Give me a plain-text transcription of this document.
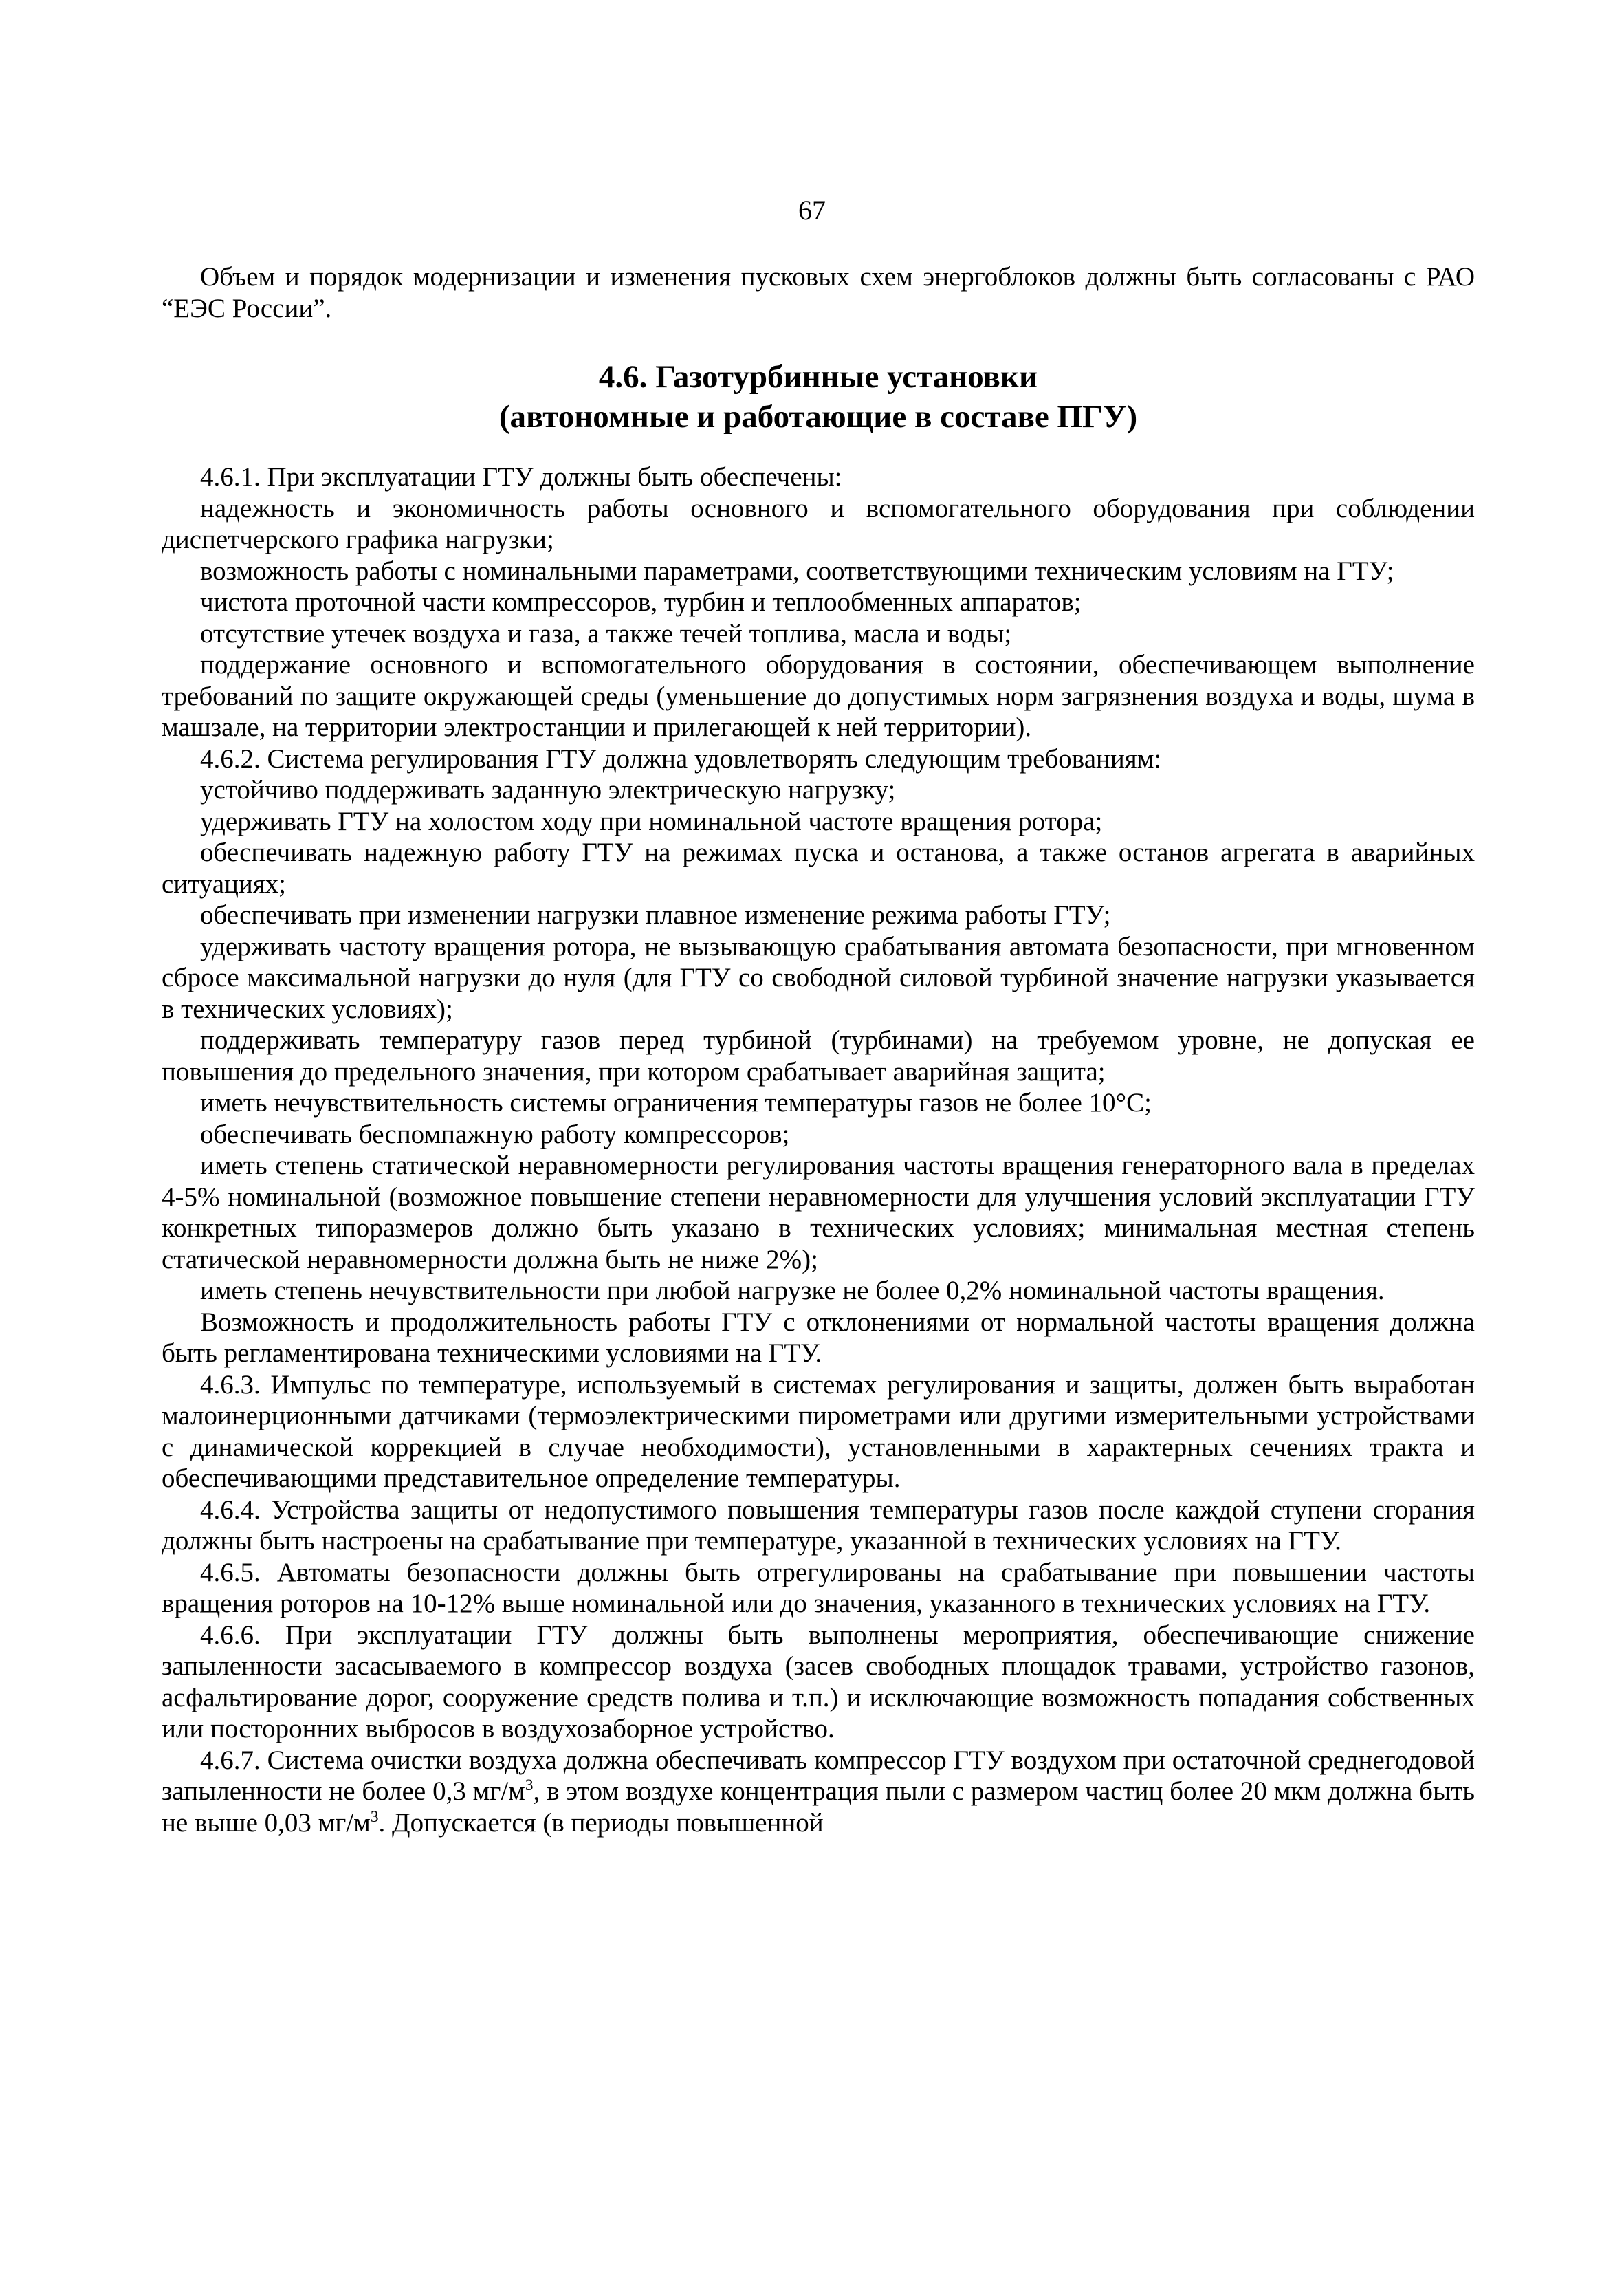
67

Объем и порядок модернизации и изменения пусковых схем энергоблоков должны быть согласованы с РАО “ЕЭС России”.

4.6. Газотурбинные установки
(автономные и работающие в составе ПГУ)

4.6.1. При эксплуатации ГТУ должны быть обеспечены:

надежность и экономичность работы основного и вспомогательного оборудования при соблюдении диспетчерского графика нагрузки;

возможность работы с номинальными параметрами, соответствующими техническим условиям на ГТУ;

чистота проточной части компрессоров, турбин и теплообменных аппаратов;

отсутствие утечек воздуха и газа, а также течей топлива, масла и воды;

поддержание основного и вспомогательного оборудования в состоянии, обеспечивающем выполнение требований по защите окружающей среды (уменьшение до допустимых норм загрязнения воздуха и воды, шума в машзале, на территории электростанции и прилегающей к ней территории).

4.6.2. Система регулирования ГТУ должна удовлетворять следующим требованиям:

устойчиво поддерживать заданную электрическую нагрузку;

удерживать ГТУ на холостом ходу при номинальной частоте вращения ротора;

обеспечивать надежную работу ГТУ на режимах пуска и останова, а также останов агрегата в аварийных ситуациях;

обеспечивать при изменении нагрузки плавное изменение режима работы ГТУ;

удерживать частоту вращения ротора, не вызывающую срабатывания автомата безопасности, при мгновенном сбросе максимальной нагрузки до нуля (для ГТУ со свободной силовой турбиной значение нагрузки указывается в технических условиях);

поддерживать температуру газов перед турбиной (турбинами) на требуемом уровне, не допуская ее повышения до предельного значения, при котором срабатывает аварийная защита;

иметь нечувствительность системы ограничения температуры газов не более 10°С;

обеспечивать беспомпажную работу компрессоров;

иметь степень статической неравномерности регулирования частоты вращения генераторного вала в пределах 4-5% номинальной (возможное повышение степени неравномерности для улучшения условий эксплуатации ГТУ конкретных типоразмеров должно быть указано в технических условиях; минимальная местная степень статической неравномерности должна быть не ниже 2%);

иметь степень нечувствительности при любой нагрузке не более 0,2% номинальной частоты вращения.

Возможность и продолжительность работы ГТУ с отклонениями от нормальной частоты вращения должна быть регламентирована техническими условиями на ГТУ.

4.6.3. Импульс по температуре, используемый в системах регулирования и защиты, должен быть выработан малоинерционными датчиками (термоэлектрическими пирометрами или другими измерительными устройствами с динамической коррекцией в случае необходимости), установленными в характерных сечениях тракта и обеспечивающими представительное определение температуры.

4.6.4. Устройства защиты от недопустимого повышения температуры газов после каждой ступени сгорания должны быть настроены на срабатывание при температуре, указанной в технических условиях на ГТУ.

4.6.5. Автоматы безопасности должны быть отрегулированы на срабатывание при повышении частоты вращения роторов на 10-12% выше номинальной или до значения, указанного в технических условиях на ГТУ.

4.6.6. При эксплуатации ГТУ должны быть выполнены мероприятия, обеспечивающие снижение запыленности засасываемого в компрессор воздуха (засев свободных площадок травами, устройство газонов, асфальтирование дорог, сооружение средств полива и т.п.) и исключающие возможность попадания собственных или посторонних выбросов в воздухозаборное устройство.

4.6.7. Система очистки воздуха должна обеспечивать компрессор ГТУ воздухом при остаточной среднегодовой запыленности не более 0,3 $мг/м^3$, в этом воздухе концентрация пыли с размером частиц более 20 мкм должна быть не выше 0,03 $мг/м^3$. Допускается (в периоды повышенной
